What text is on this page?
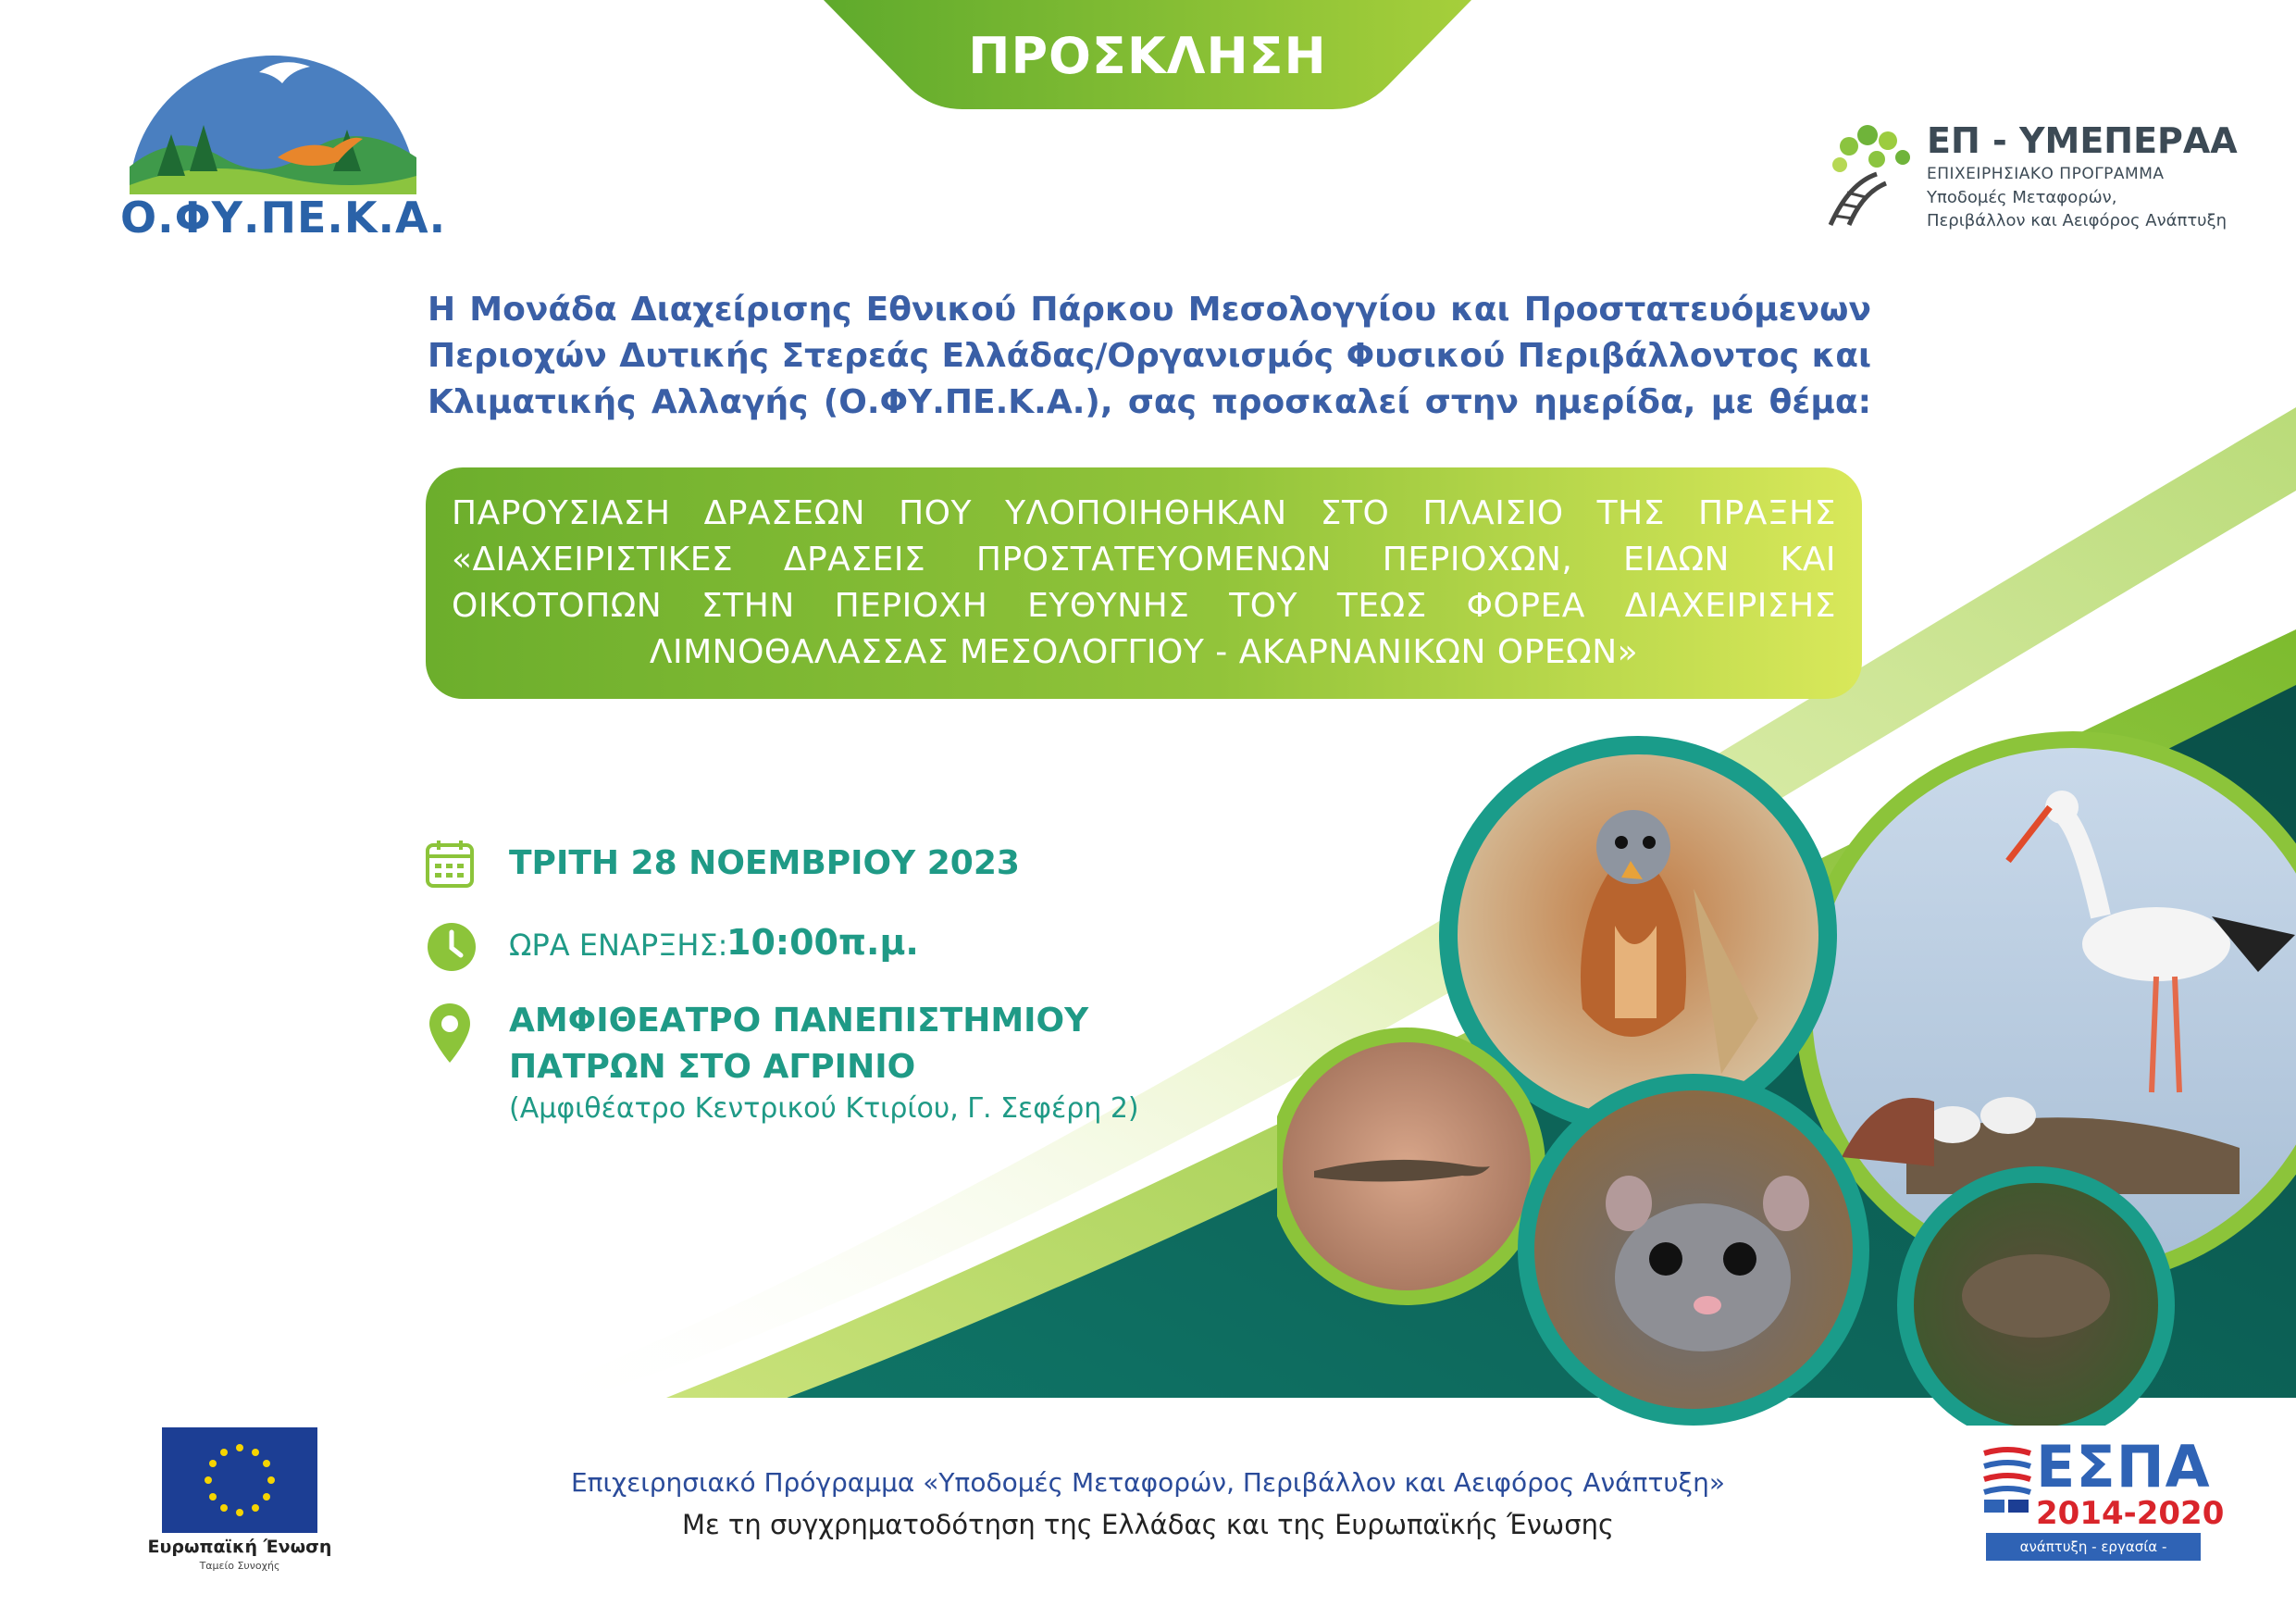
ΠΡΟΣΚΛΗΣΗ
Ο.ΦΥ.ΠΕ.Κ.Α.
ΕΠ - ΥΜΕΠΕΡΑΑ
ΕΠΙΧΕΙΡΗΣΙΑΚΟ ΠΡΟΓΡΑΜΜΑ
Υποδομές Μεταφορών,
Περιβάλλον και Αειφόρος Ανάπτυξη

Η Μονάδα Διαχείρισης Εθνικού Πάρκου Μεσολογγίου και Προστατευόμενων

Περιοχών Δυτικής Στερεάς Ελλάδας/Οργανισμός Φυσικού Περιβάλλοντος και

Κλιματικής Αλλαγής (Ο.ΦΥ.ΠΕ.Κ.Α.), σας προσκαλεί στην ημερίδα, με θέμα:

ΠΑΡΟΥΣΙΑΣΗ ΔΡΑΣΕΩΝ ΠΟΥ ΥΛΟΠΟΙΗΘΗΚΑΝ ΣΤΟ ΠΛΑΙΣΙΟ ΤΗΣ ΠΡΑΞΗΣ

«ΔΙΑΧΕΙΡΙΣΤΙΚΕΣ ΔΡΑΣΕΙΣ ΠΡΟΣΤΑΤΕΥΟΜΕΝΩΝ ΠΕΡΙΟΧΩΝ, ΕΙΔΩΝ ΚΑΙ

ΟΙΚΟΤΟΠΩΝ ΣΤΗΝ ΠΕΡΙΟΧΗ ΕΥΘΥΝΗΣ ΤΟΥ ΤΕΩΣ ΦΟΡΕΑ ΔΙΑΧΕΙΡΙΣΗΣ

ΛΙΜΝΟΘΑΛΑΣΣΑΣ ΜΕΣΟΛΟΓΓΙΟΥ - ΑΚΑΡΝΑΝΙΚΩΝ ΟΡΕΩΝ»

ΤΡΙΤΗ 28 ΝΟΕΜΒΡΙΟΥ 2023
ΩΡΑ ΕΝΑΡΞΗΣ:
10:00π.μ.
ΑΜΦΙΘΕΑΤΡΟ ΠΑΝΕΠΙΣΤΗΜΙΟΥ
ΠΑΤΡΩΝ ΣΤΟ ΑΓΡΙΝΙΟ
(Αμφιθέατρο Κεντρικού Κτιρίου, Γ. Σεφέρη 2)
Ευρωπαϊκή Ένωση
Ταμείο Συνοχής
Επιχειρησιακό Πρόγραμμα «Υποδομές Μεταφορών, Περιβάλλον και Αειφόρος Ανάπτυξη»
Με τη συγχρηματοδότηση της Ελλάδας και της Ευρωπαϊκής Ένωσης
ΕΣΠΑ
2014-2020
ανάπτυξη - εργασία - αλληλεγγύη
